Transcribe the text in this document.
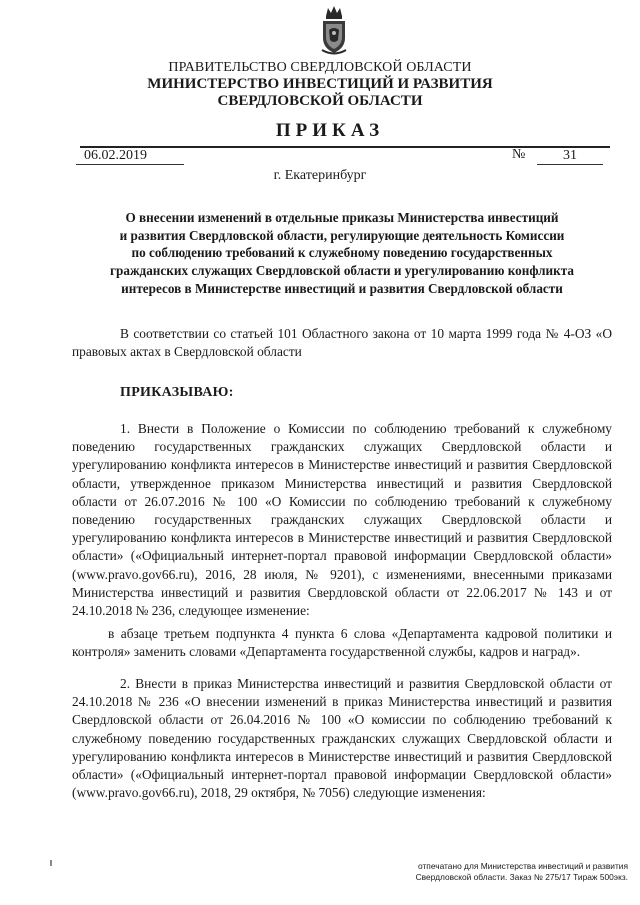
ПРАВИТЕЛЬСТВО СВЕРДЛОВСКОЙ ОБЛАСТИ
МИНИСТЕРСТВО ИНВЕСТИЦИЙ И РАЗВИТИЯ
СВЕРДЛОВСКОЙ ОБЛАСТИ
ПРИКАЗ
06.02.2019	№	31
г. Екатеринбург
О внесении изменений в отдельные приказы Министерства инвестиций
и развития Свердловской области, регулирующие деятельность Комиссии
по соблюдению требований к служебному поведению государственных
гражданских служащих Свердловской области и урегулированию конфликта
интересов в Министерстве инвестиций и развития Свердловской области

В соответствии со статьей 101 Областного закона от 10 марта 1999 года № 4-ОЗ «О правовых актах в Свердловской области

ПРИКАЗЫВАЮ:

1. Внести в Положение о Комиссии по соблюдению требований к служебному поведению государственных гражданских служащих Свердловской области и урегулированию конфликта интересов в Министерстве инвестиций и развития Свердловской области, утвержденное приказом Министерства инвестиций и развития Свердловской области от 26.07.2016 № 100 «О Комиссии по соблюдению требований к служебному поведению государственных гражданских служащих Свердловской области и урегулированию конфликта интересов в Министерстве инвестиций и развития Свердловской области» («Официальный интернет-портал правовой информации Свердловской области» (www.pravo.gov66.ru), 2016, 28 июля, № 9201), с изменениями, внесенными приказами Министерства инвестиций и развития Свердловской области от 22.06.2017 № 143 и от 24.10.2018 № 236, следующее изменение:

в абзаце третьем подпункта 4 пункта 6 слова «Департамента кадровой политики и контроля» заменить словами «Департамента государственной службы, кадров и наград».

2. Внести в приказ Министерства инвестиций и развития Свердловской области от 24.10.2018 № 236 «О внесении изменений в приказ Министерства инвестиций и развития Свердловской области от 26.04.2016 № 100 «О комиссии по соблюдению требований к служебному поведению государственных гражданских служащих Свердловской области и урегулированию конфликта интересов в Министерстве инвестиций и развития Свердловской области» («Официальный интернет-портал правовой информации Свердловской области» (www.pravo.gov66.ru), 2018, 29 октября, № 7056) следующие изменения:

отпечатано для Министерства инвестиций и развития
Свердловской области. Заказ № 275/17 Тираж 500экз.
